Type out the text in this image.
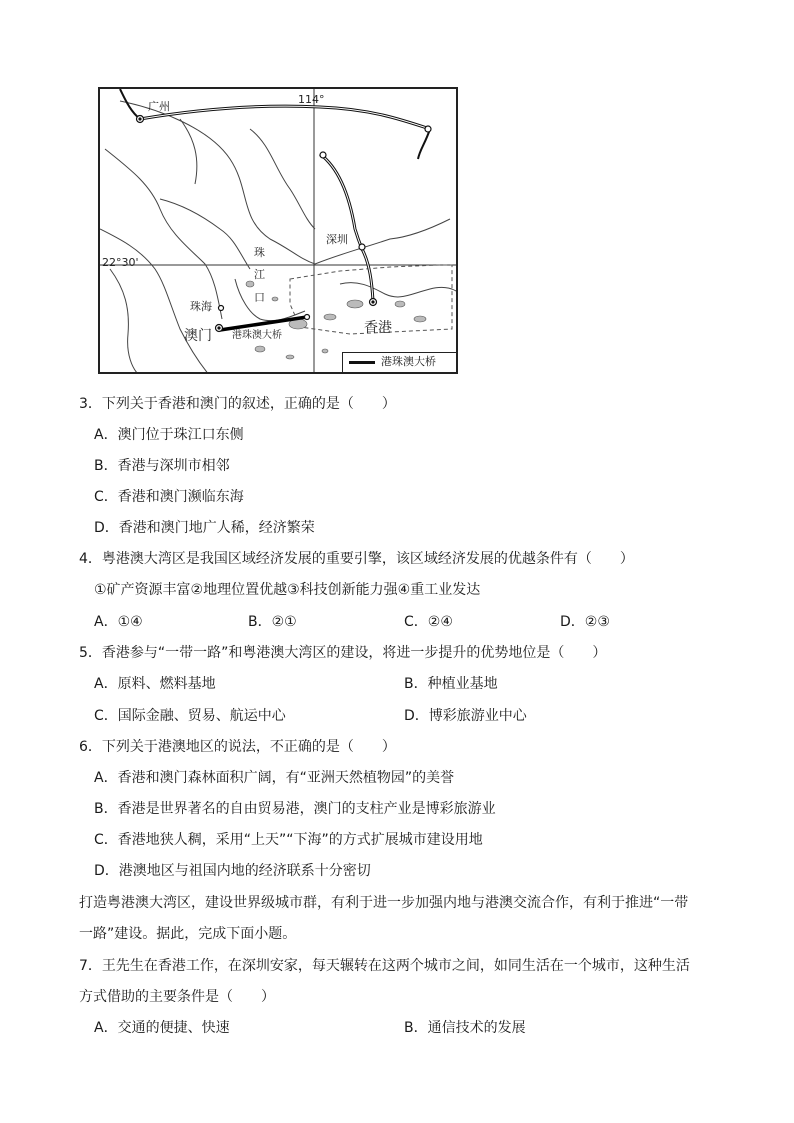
114°
22°30'
广州
深圳
珠
江
口
珠海
澳门 港珠澳大桥	香港
港珠澳大桥
3．下列关于香港和澳门的叙述，正确的是（　　）
A．澳门位于珠江口东侧
B．香港与深圳市相邻
C．香港和澳门濒临东海
D．香港和澳门地广人稀，经济繁荣
4．粤港澳大湾区是我国区域经济发展的重要引擎，该区域经济发展的优越条件有（　　）
①矿产资源丰富②地理位置优越③科技创新能力强④重工业发达
A．①④	B．②①	C．②④	D．②③
5．香港参与“一带一路”和粤港澳大湾区的建设，将进一步提升的优势地位是（　　）
A．原料、燃料基地	B．种植业基地
C．国际金融、贸易、航运中心	D．博彩旅游业中心
6．下列关于港澳地区的说法，不正确的是（　　）
A．香港和澳门森林面积广阔，有“亚洲天然植物园”的美誉
B．香港是世界著名的自由贸易港，澳门的支柱产业是博彩旅游业
C．香港地狭人稠，采用“上天”“下海”的方式扩展城市建设用地
D．港澳地区与祖国内地的经济联系十分密切
打造粤港澳大湾区，建设世界级城市群，有利于进一步加强内地与港澳交流合作，有利于推进“一带
一路”建设。据此，完成下面小题。
7．王先生在香港工作，在深圳安家，每天辗转在这两个城市之间，如同生活在一个城市，这种生活
方式借助的主要条件是（　　）
A．交通的便捷、快速	B．通信技术的发展
